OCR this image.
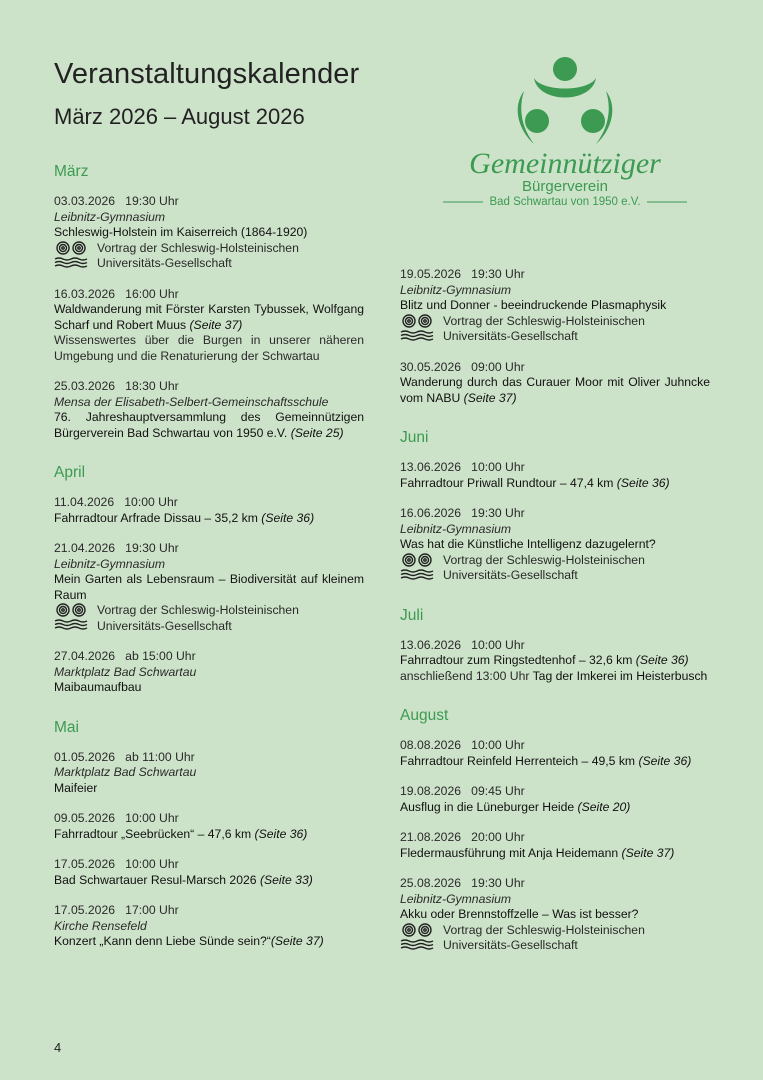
Veranstaltungskalender
März 2026 – August 2026
Gemeinnütziger
Bürgerverein
Bad Schwartau von 1950 e.V.
März
03.03.2026 19:30 Uhr
Leibnitz-Gymnasium
Schleswig-Holstein im Kaiserreich (1864-1920)
Vortrag der Schleswig-Holsteinischen
Universitäts-Gesellschaft
16.03.2026 16:00 Uhr
Waldwanderung mit Förster Karsten Tybussek, Wolfgang Scharf und Robert Muus (Seite 37)
Wissenswertes über die Burgen in unserer näheren Umgebung und die Renaturierung der Schwartau
25.03.2026 18:30 Uhr
Mensa der Elisabeth-Selbert-Gemeinschaftsschule
76. Jahreshauptversammlung des Gemeinnützigen Bürgerverein Bad Schwartau von 1950 e.V. (Seite 25)
April
11.04.2026 10:00 Uhr
Fahrradtour Arfrade Dissau – 35,2 km (Seite 36)
21.04.2026 19:30 Uhr
Leibnitz-Gymnasium
Mein Garten als Lebensraum – Biodiversität auf kleinem Raum
Vortrag der Schleswig-Holsteinischen
Universitäts-Gesellschaft
27.04.2026 ab 15:00 Uhr
Marktplatz Bad Schwartau
Maibaumaufbau
Mai
01.05.2026 ab 11:00 Uhr
Marktplatz Bad Schwartau
Maifeier
09.05.2026 10:00 Uhr
Fahrradtour „Seebrücken“ – 47,6 km (Seite 36)
17.05.2026 10:00 Uhr
Bad Schwartauer Resul-Marsch 2026 (Seite 33)
17.05.2026 17:00 Uhr
Kirche Rensefeld
Konzert „Kann denn Liebe Sünde sein?“(Seite 37)
19.05.2026 19:30 Uhr
Leibnitz-Gymnasium
Blitz und Donner - beeindruckende Plasmaphysik
Vortrag der Schleswig-Holsteinischen
Universitäts-Gesellschaft
30.05.2026 09:00 Uhr
Wanderung durch das Curauer Moor mit Oliver Juhncke vom NABU (Seite 37)
Juni
13.06.2026 10:00 Uhr
Fahrradtour Priwall Rundtour – 47,4 km (Seite 36)
16.06.2026 19:30 Uhr
Leibnitz-Gymnasium
Was hat die Künstliche Intelligenz dazugelernt?
Vortrag der Schleswig-Holsteinischen
Universitäts-Gesellschaft
Juli
13.06.2026 10:00 Uhr
Fahrradtour zum Ringstedtenhof – 32,6 km (Seite 36)
anschließend 13:00 Uhr Tag der Imkerei im Heisterbusch
August
08.08.2026 10:00 Uhr
Fahrradtour Reinfeld Herrenteich – 49,5 km (Seite 36)
19.08.2026 09:45 Uhr
Ausflug in die Lüneburger Heide (Seite 20)
21.08.2026 20:00 Uhr
Fledermausführung mit Anja Heidemann (Seite 37)
25.08.2026 19:30 Uhr
Leibnitz-Gymnasium
Akku oder Brennstoffzelle – Was ist besser?
Vortrag der Schleswig-Holsteinischen
Universitäts-Gesellschaft
4
